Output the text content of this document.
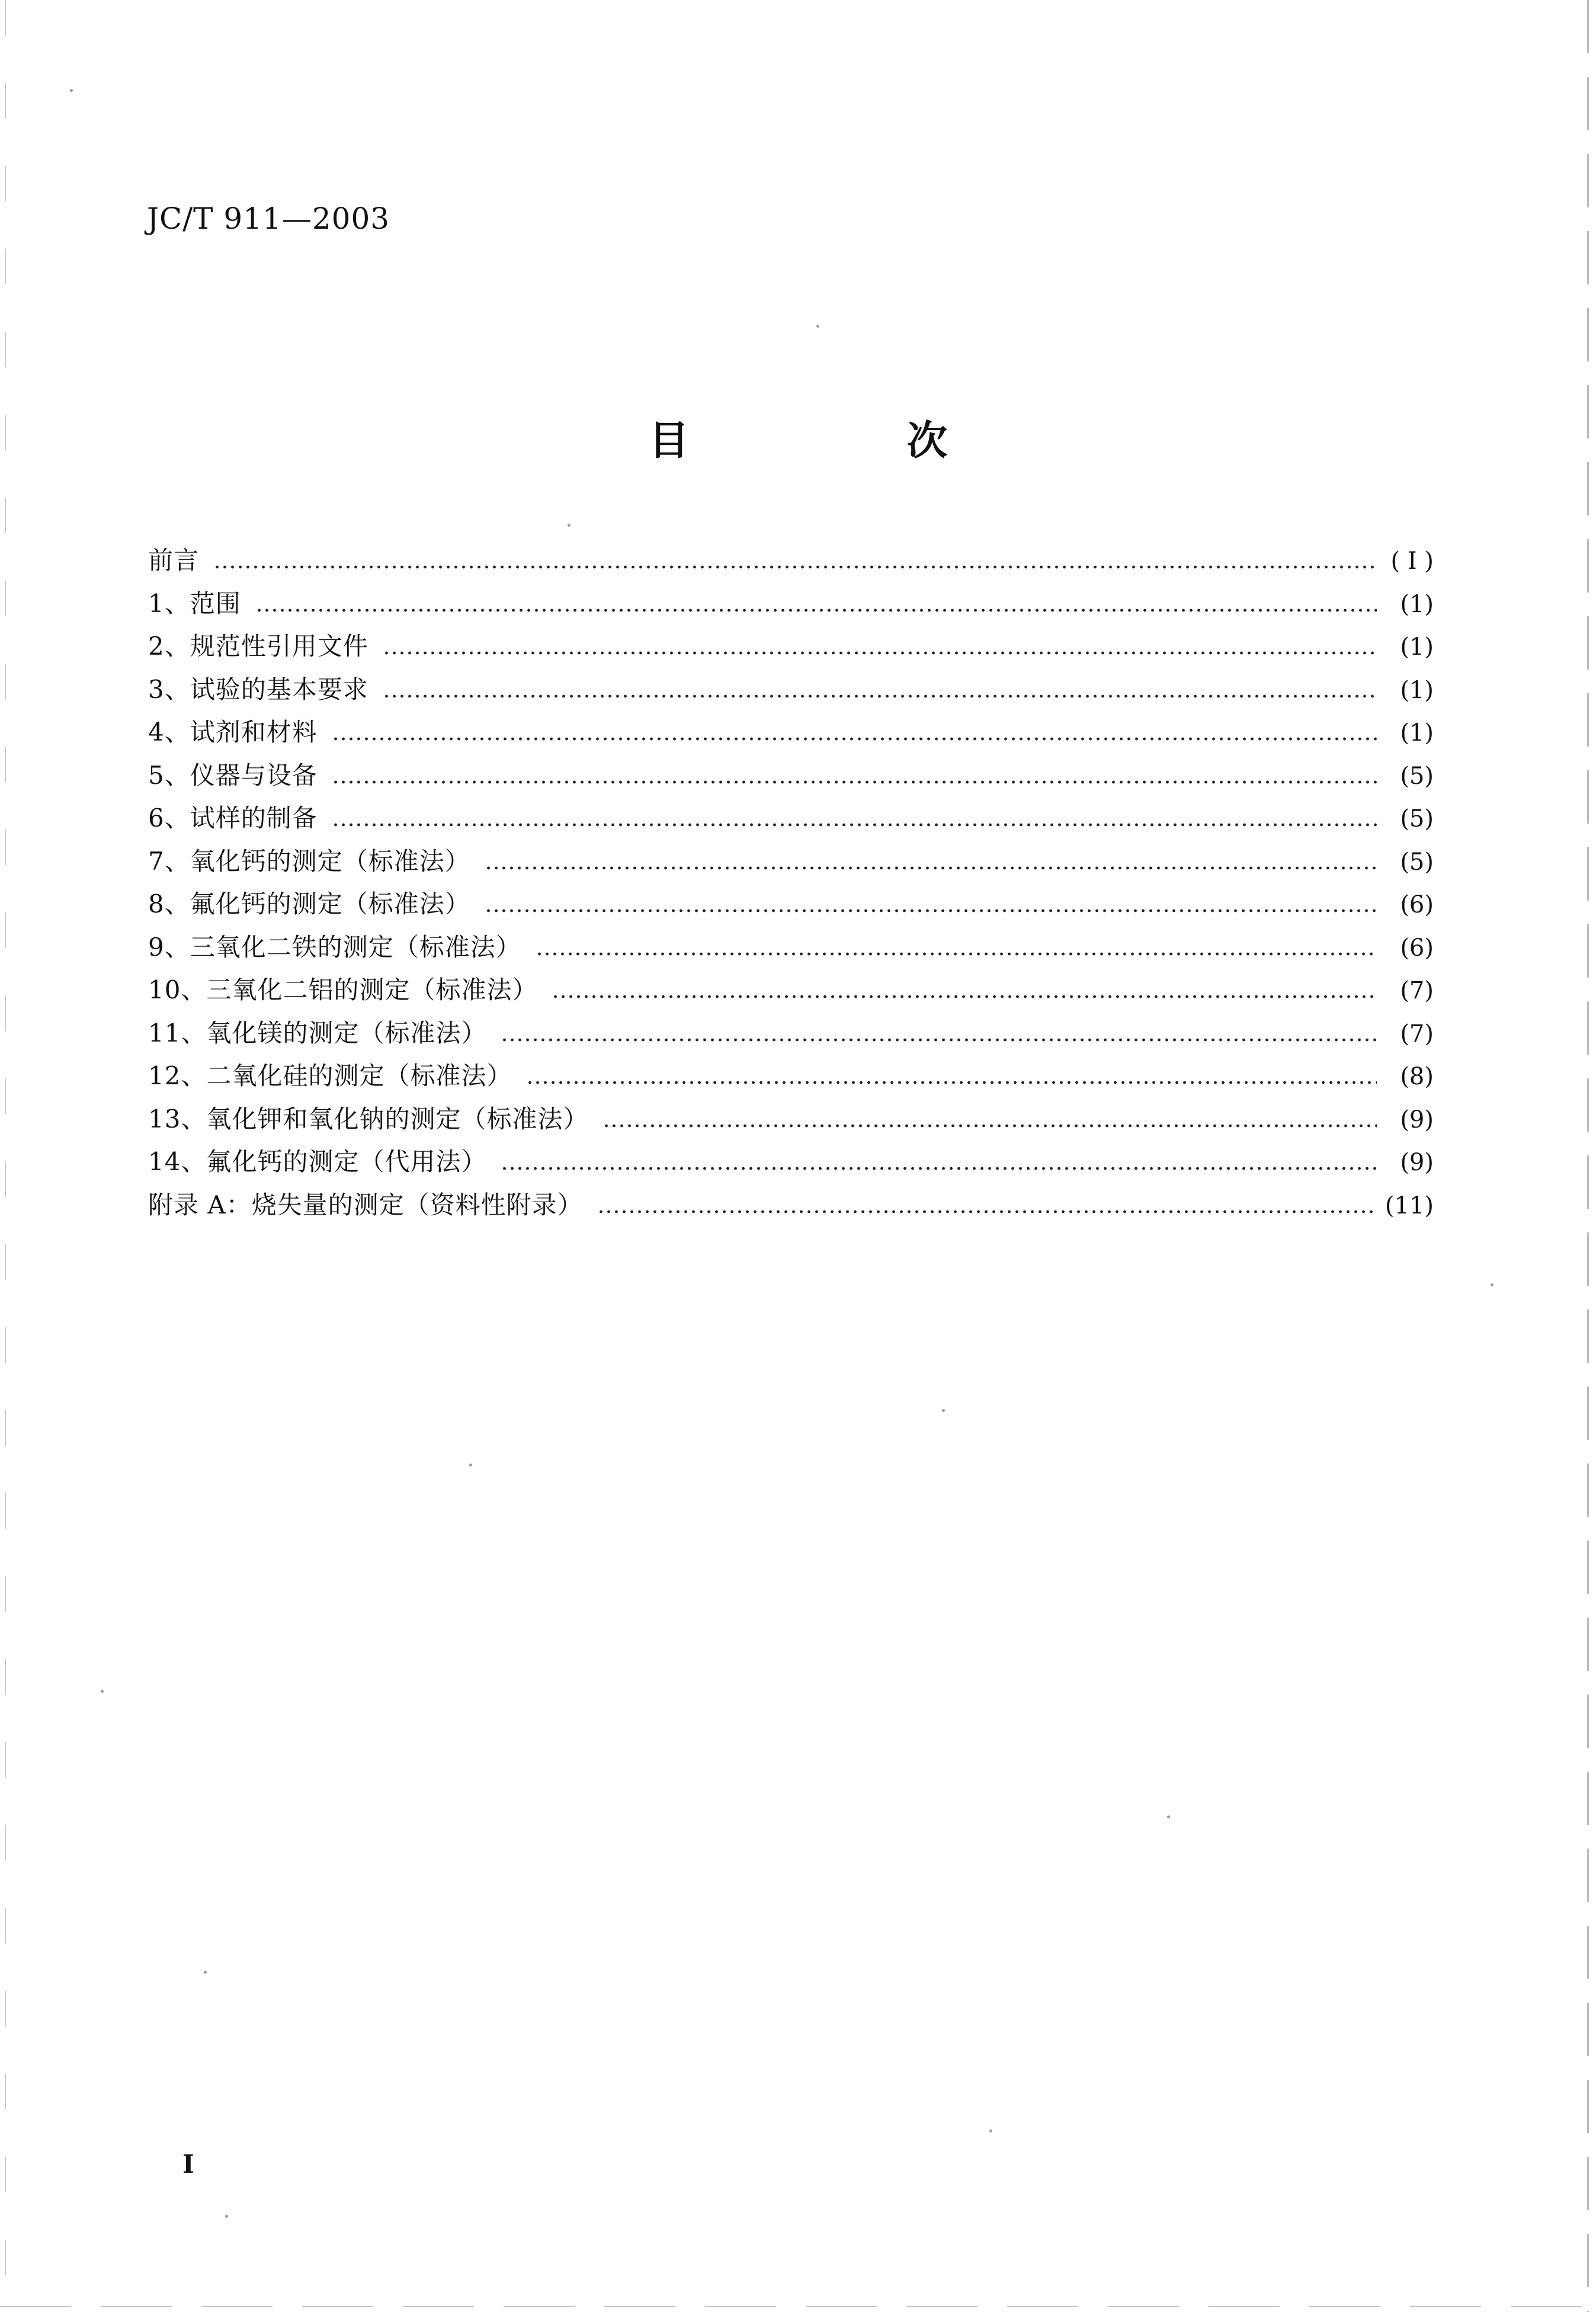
JC/T 911—2003
目　次
前言	( I )
1、范围	(1)
2、规范性引用文件	(1)
3、试验的基本要求	(1)
4、试剂和材料	(1)
5、仪器与设备	(5)
6、试样的制备	(5)
7、氧化钙的测定（标准法）	(5)
8、氟化钙的测定（标准法）	(6)
9、三氧化二铁的测定（标准法）	(6)
10、三氧化二铝的测定（标准法）	(7)
11、氧化镁的测定（标准法）	(7)
12、二氧化硅的测定（标准法）	(8)
13、氧化钾和氧化钠的测定（标准法）	(9)
14、氟化钙的测定（代用法）	(9)
附录 A：烧失量的测定（资料性附录）	(11)
I
